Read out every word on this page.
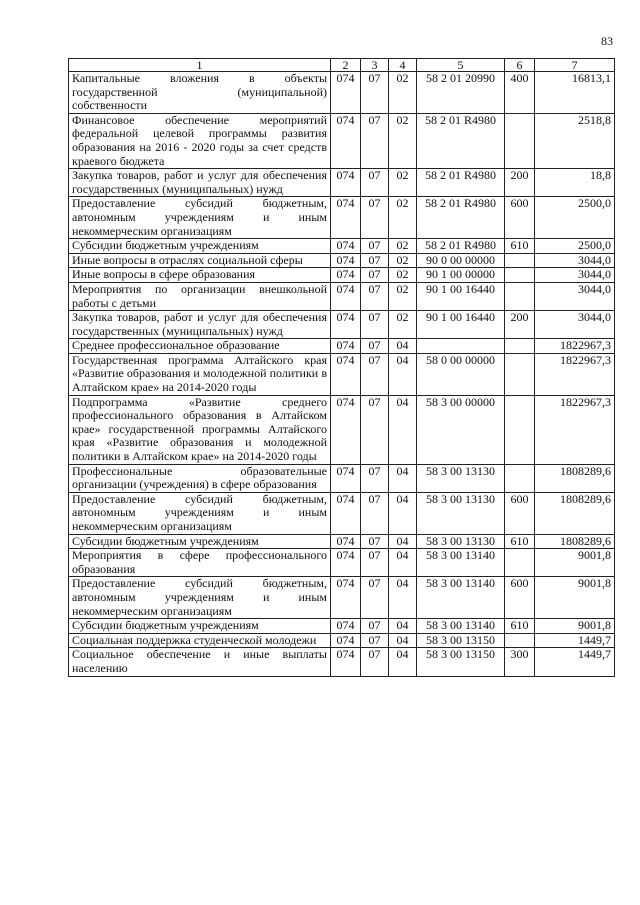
83
1	2	3	4	5	6	7
Капитальные вложения в объекты государственной (муниципальной) собственности	074	07	02	58 2 01 20990	400	16813,1
Финансовое обеспечение мероприятий федеральной целевой программы развития образования на 2016 - 2020 годы за счет средств краевого бюджета	074	07	02	58 2 01 R4980		2518,8
Закупка товаров, работ и услуг для обеспечения государственных (муниципальных) нужд	074	07	02	58 2 01 R4980	200	18,8
Предоставление субсидий бюджетным, автономным учреждениям и иным некоммерческим организациям	074	07	02	58 2 01 R4980	600	2500,0
Субсидии бюджетным учреждениям	074	07	02	58 2 01 R4980	610	2500,0
Иные вопросы в отраслях социальной сферы	074	07	02	90 0 00 00000		3044,0
Иные вопросы в сфере образования	074	07	02	90 1 00 00000		3044,0
Мероприятия по организации внешкольной работы с детьми	074	07	02	90 1 00 16440		3044,0
Закупка товаров, работ и услуг для обеспечения государственных (муниципальных) нужд	074	07	02	90 1 00 16440	200	3044,0
Среднее профессиональное образование	074	07	04			1822967,3
Государственная программа Алтайского края «Развитие образования и молодежной политики в Алтайском крае» на 2014-2020 годы	074	07	04	58 0 00 00000		1822967,3
Подпрограмма «Развитие среднего профессионального образования в Алтайском крае» государственной программы Алтайского края «Развитие образования и молодежной политики в Алтайском крае» на 2014-2020 годы	074	07	04	58 3 00 00000		1822967,3
Профессиональные образовательные организации (учреждения) в сфере образования	074	07	04	58 3 00 13130		1808289,6
Предоставление субсидий бюджетным, автономным учреждениям и иным некоммерческим организациям	074	07	04	58 3 00 13130	600	1808289,6
Субсидии бюджетным учреждениям	074	07	04	58 3 00 13130	610	1808289,6
Мероприятия в сфере профессионального образования	074	07	04	58 3 00 13140		9001,8
Предоставление субсидий бюджетным, автономным учреждениям и иным некоммерческим организациям	074	07	04	58 3 00 13140	600	9001,8
Субсидии бюджетным учреждениям	074	07	04	58 3 00 13140	610	9001,8
Социальная поддержка студенческой молодежи	074	07	04	58 3 00 13150		1449,7
Социальное обеспечение и иные выплаты населению	074	07	04	58 3 00 13150	300	1449,7
